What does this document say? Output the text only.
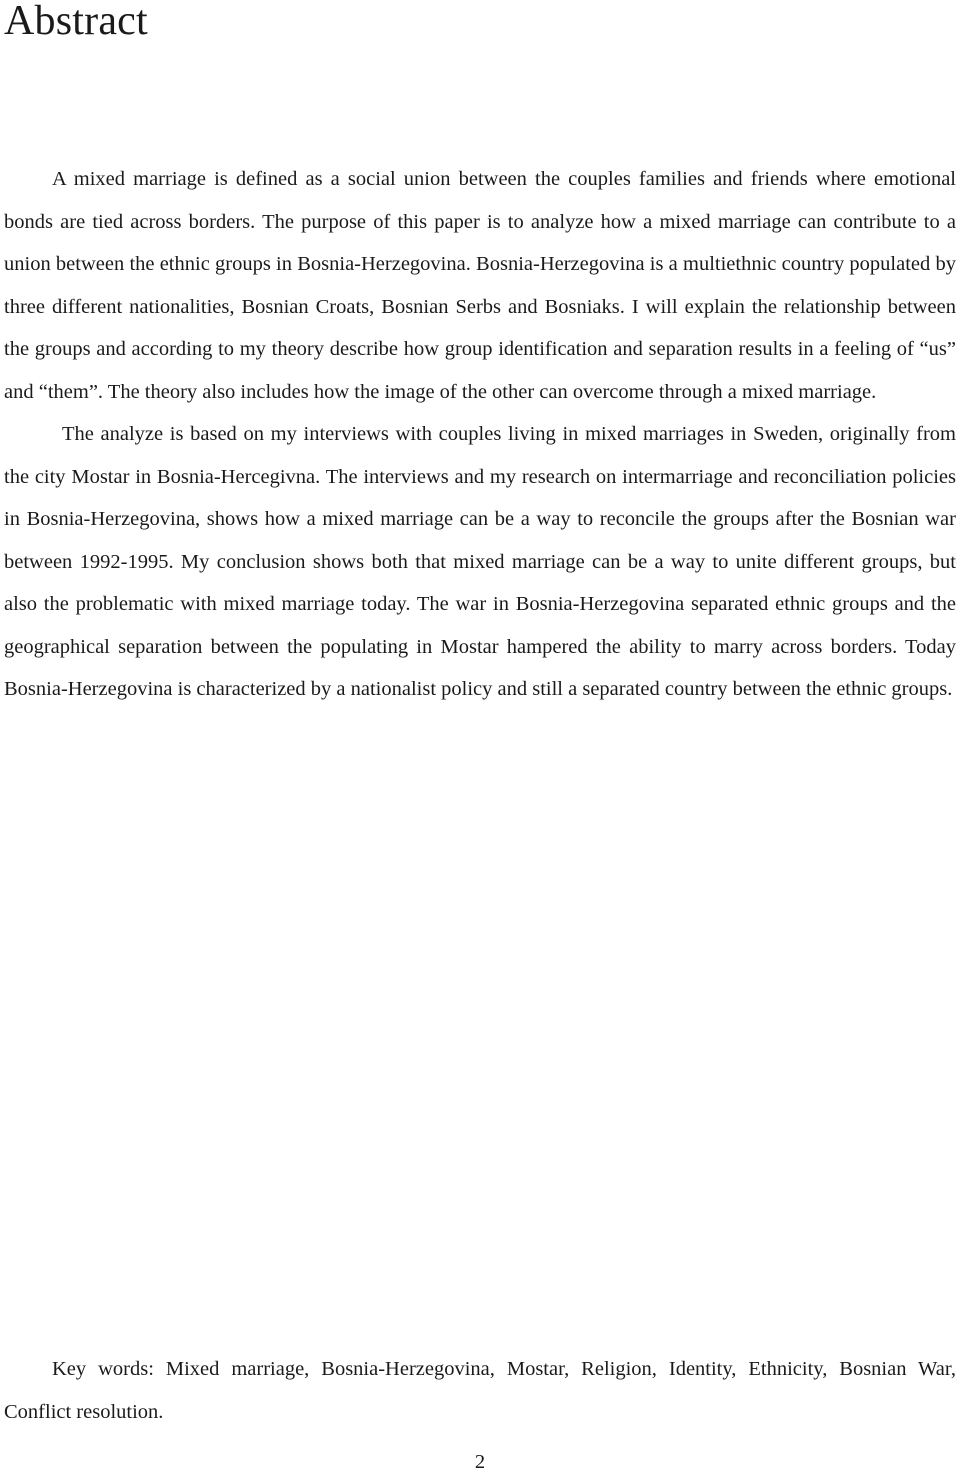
Abstract

A mixed marriage is defined as a social union between the couples families and friends where emotional bonds are tied across borders. The purpose of this paper is to analyze how a mixed marriage can contribute to a union between the ethnic groups in Bosnia-Herzegovina. Bosnia-Herzegovina is a multiethnic country populated by three different nationalities, Bosnian Croats, Bosnian Serbs and Bosniaks. I will explain the relationship between the groups and according to my theory describe how group identification and separation results in a feeling of “us” and “them”. The theory also includes how the image of the other can overcome through a mixed marriage.

The analyze is based on my interviews with couples living in mixed marriages in Sweden, originally from the city Mostar in Bosnia-Hercegivna. The interviews and my research on intermarriage and reconciliation policies in Bosnia-Herzegovina, shows how a mixed marriage can be a way to reconcile the groups after the Bosnian war between 1992-1995. My conclusion shows both that mixed marriage can be a way to unite different groups, but also the problematic with mixed marriage today. The war in Bosnia-Herzegovina separated ethnic groups and the geographical separation between the populating in Mostar hampered the ability to marry across borders. Today Bosnia-Herzegovina is characterized by a nationalist policy and still a separated country between the ethnic groups.

Key words: Mixed marriage, Bosnia-Herzegovina, Mostar, Religion, Identity, Ethnicity, Bosnian War, Conflict resolution.

2
